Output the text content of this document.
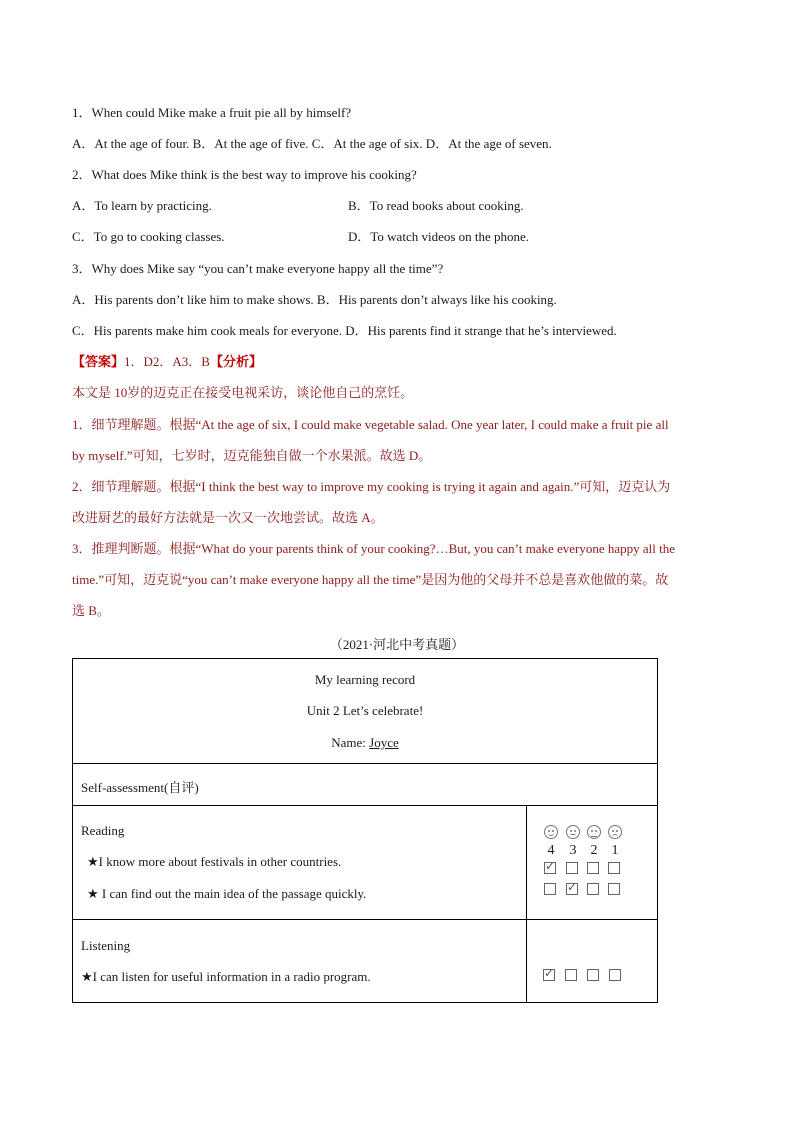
1．When could Mike make a fruit pie all by himself?
A．At the age of four. B．At the age of five. C．At the age of six. D．At the age of seven.
2．What does Mike think is the best way to improve his cooking?
A．To learn by practicing.	B．To read books about cooking.
C．To go to cooking classes.	D．To watch videos on the phone.
3．Why does Mike say “you can’t make everyone happy all the time”?
A．His parents don’t like him to make shows. B．His parents don’t always like his cooking.
C．His parents make him cook meals for everyone. D．His parents find it strange that he’s interviewed.
【答案】1．D2．A3．B【分析】
本文是 10岁的迈克正在接受电视采访，谈论他自己的烹饪。
1．细节理解题。根据“At the age of six, I could make vegetable salad. One year later, I could make a fruit pie all
by myself.”可知，七岁时，迈克能独自做一个水果派。故选 D。
2．细节理解题。根据“I think the best way to improve my cooking is trying it again and again.”可知，迈克认为
改进厨艺的最好方法就是一次又一次地尝试。故选 A。
3．推理判断题。根据“What do your parents think of your cooking?…But, you can’t make everyone happy all the
time.”可知，迈克说“you can’t make everyone happy all the time”是因为他的父母并不总是喜欢他做的菜。故
选 B。
（2021·河北中考真题）
My learning record
Unit 2 Let’s celebrate!
Name: Joyce
Self-assessment(自评)
Reading
★I know more about festivals in other countries.
★ I can find out the main idea of the passage quickly.
4 3 2 1
✓
✓
Listening
★I can listen for useful information in a radio program.
✓
